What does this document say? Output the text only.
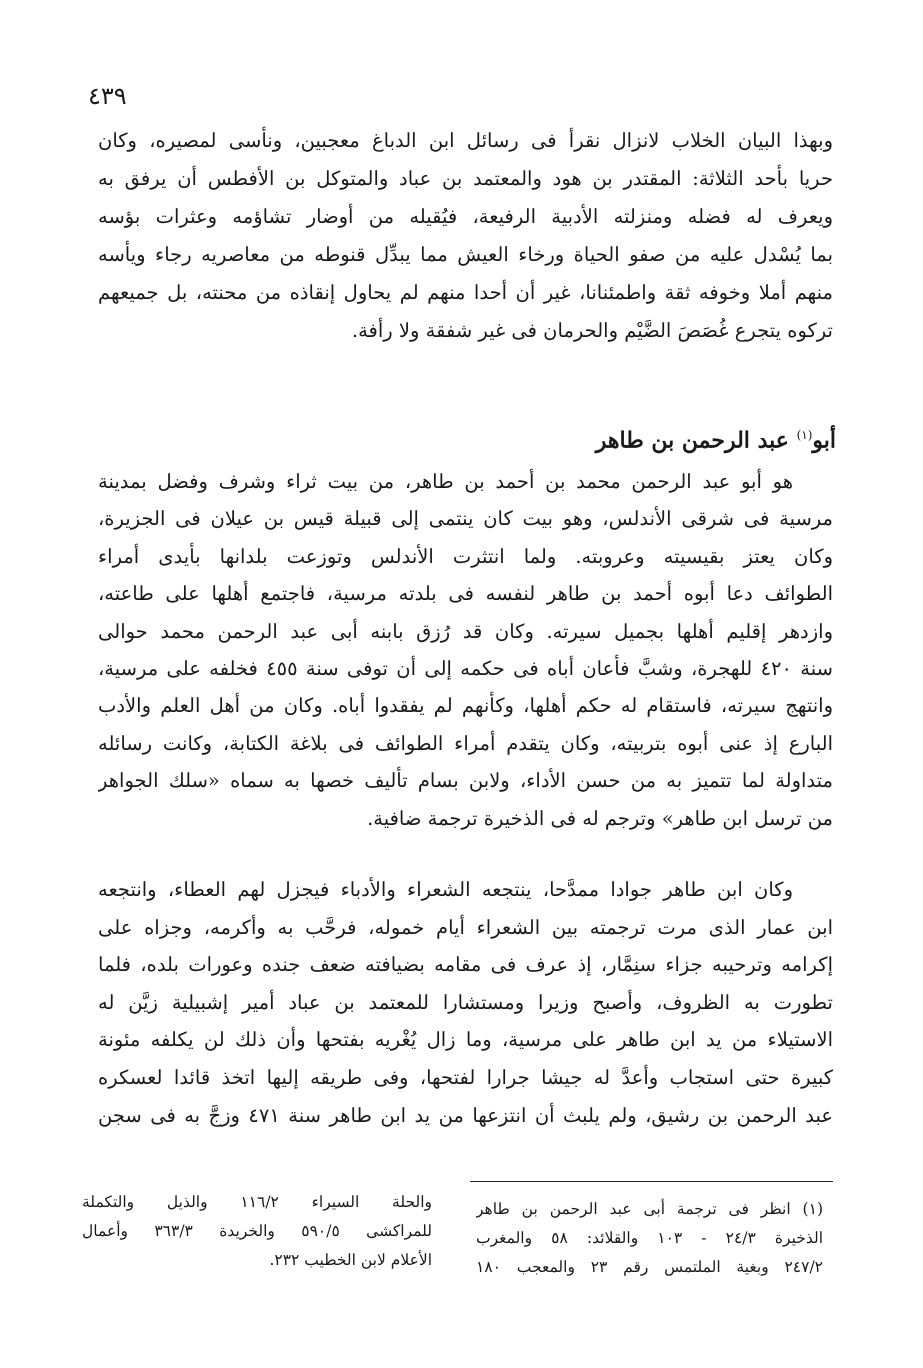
٤٣٩
وبهذا البيان الخلاب لانزال نقرأ فى رسائل ابن الدباغ معجبين، ونأسى لمصيره، وكان
حريا بأحد الثلاثة: المقتدر بن هود والمعتمد بن عباد والمتوكل بن الأفطس أن يرفق به
ويعرف له فضله ومنزلته الأدبية الرفيعة، فيُقيله من أوضار تشاؤمه وعثرات بؤسه
بما يُسْدل عليه من صفو الحياة ورخاء العيش مما يبدِّل قنوطه من معاصريه رجاء ويأسه
منهم أملا وخوفه ثقة واطمئنانا، غير أن أحدا منهم لم يحاول إنقاذه من محنته، بل جميعهم
تركوه يتجرع غُصَصَ الضَّيْم والحرمان فى غير شفقة ولا رأفة.
أبو$^{(١)}$ عبد الرحمن بن طاهر
هو أبو عبد الرحمن محمد بن أحمد بن طاهر، من بيت ثراء وشرف وفضل بمدينة
مرسية فى شرقى الأندلس، وهو بيت كان ينتمى إلى قبيلة قيس بن عيلان فى الجزيرة،
وكان يعتز بقيسيته وعروبته. ولما انتثرت الأندلس وتوزعت بلدانها بأيدى أمراء
الطوائف دعا أبوه أحمد بن طاهر لنفسه فى بلدته مرسية، فاجتمع أهلها على طاعته،
وازدهر إقليم أهلها بجميل سيرته. وكان قد رُزق بابنه أبى عبد الرحمن محمد حوالى
سنة ٤٢٠ للهجرة، وشبَّ فأعان أباه فى حكمه إلى أن توفى سنة ٤٥٥ فخلفه على مرسية،
وانتهج سيرته، فاستقام له حكم أهلها، وكأنهم لم يفقدوا أباه. وكان من أهل العلم والأدب
البارع إذ عنى أبوه بتربيته، وكان يتقدم أمراء الطوائف فى بلاغة الكتابة، وكانت رسائله
متداولة لما تتميز به من حسن الأداء، ولابن بسام تأليف خصها به سماه «سلك الجواهر
من ترسل ابن طاهر» وترجم له فى الذخيرة ترجمة ضافية.
وكان ابن طاهر جوادا ممدَّحا، ينتجعه الشعراء والأدباء فيجزل لهم العطاء، وانتجعه
ابن عمار الذى مرت ترجمته بين الشعراء أيام خموله، فرحَّب به وأكرمه، وجزاه على
إكرامه وترحيبه جزاء سنِمَّار، إذ عرف فى مقامه بضيافته ضعف جنده وعورات بلده، فلما
تطورت به الظروف، وأصبح وزيرا ومستشارا للمعتمد بن عباد أمير إشبيلية زيَّن له
الاستيلاء من يد ابن طاهر على مرسية، وما زال يُغْريه بفتحها وأن ذلك لن يكلفه مئونة
كبيرة حتى استجاب وأعدَّ له جيشا جرارا لفتحها، وفى طريقه إليها اتخذ قائدا لعسكره
عبد الرحمن بن رشيق، ولم يلبث أن انتزعها من يد ابن طاهر سنة ٤٧١ وزجَّ به فى سجن
(١) انظر فى ترجمة أبى عبد الرحمن بن طاهر
الذخيرة ٢٤/٣ - ١٠٣ والقلائد: ٥٨ والمغرب
٢٤٧/٢ وبغية الملتمس رقم ٢٣ والمعجب ١٨٠
والحلة السيراء ١١٦/٢ والذيل والتكملة
للمراكشى ٥٩٠/٥ والخريدة ٣٦٣/٣ وأعمال
الأعلام لابن الخطيب ٢٣٢.
